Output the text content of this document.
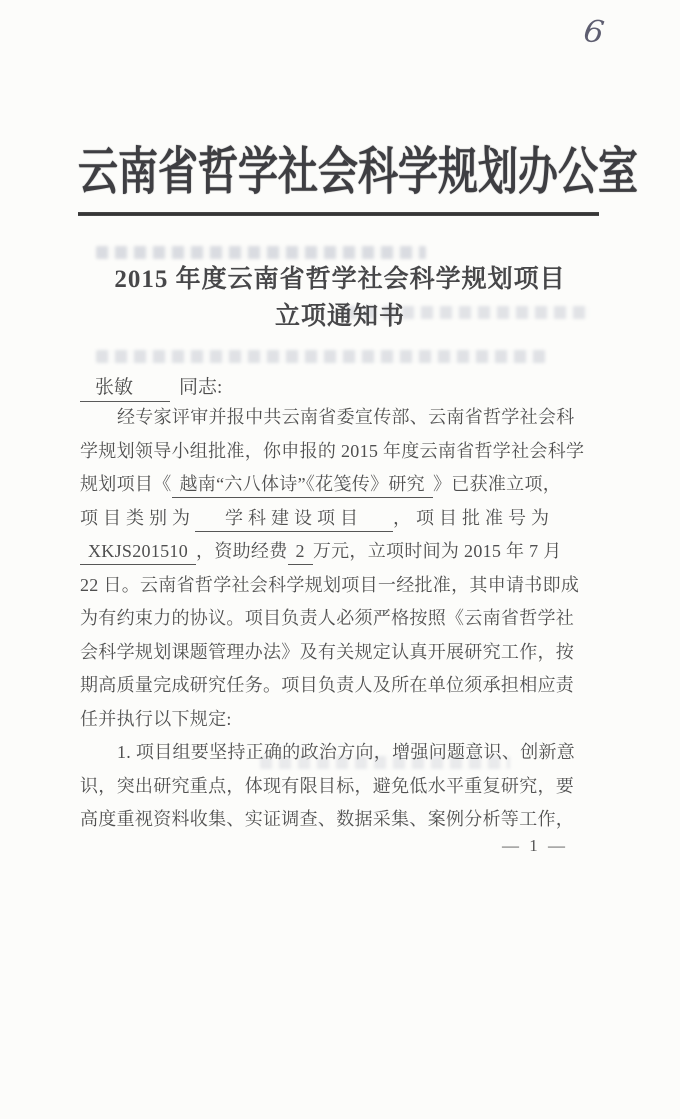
6
云南省哲学社会科学规划办公室
2015 年度云南省哲学社会科学规划项目
立项通知书
张敏 同志:
经专家评审并报中共云南省委宣传部、云南省哲学社会科
学规划领导小组批准，你申报的 2015 年度云南省哲学社会科学
规划项目《 越南“六八体诗”《花笺传》研究 》已获准立项，
项目类别为 学科建设项目 ，项目批准号为
XKJS201510 ，资助经费 2 万元，立项时间为 2015 年 7 月
22 日。云南省哲学社会科学规划项目一经批准，其申请书即成
为有约束力的协议。项目负责人必须严格按照《云南省哲学社
会科学规划课题管理办法》及有关规定认真开展研究工作，按
期高质量完成研究任务。项目负责人及所在单位须承担相应责
任并执行以下规定:
1. 项目组要坚持正确的政治方向，增强问题意识、创新意
识，突出研究重点，体现有限目标，避免低水平重复研究，要
高度重视资料收集、实证调查、数据采集、案例分析等工作，
— 1 —
